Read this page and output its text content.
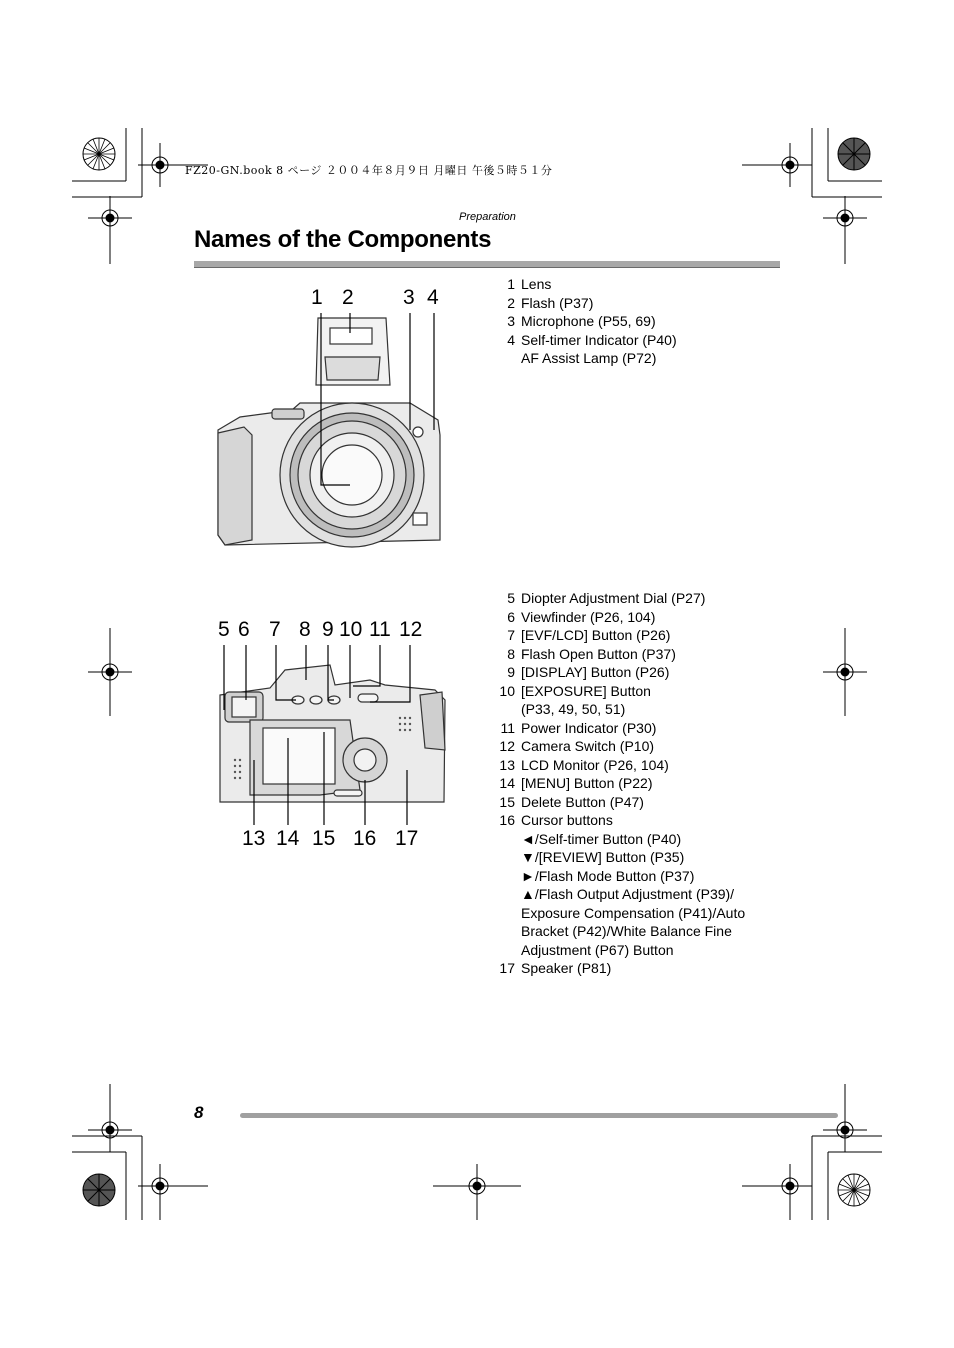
FZ20-GN.book 8 ページ ２００４年８月９日 月曜日 午後５時５１分
Preparation
Names of the Components
1 2 3 4
1 Lens
2 Flash (P37)
3 Microphone (P55, 69)
4 Self-timer Indicator (P40)
AF Assist Lamp (P72)
5 6 7 8 9 10 11 12
13 14 15 16 17
5 Diopter Adjustment Dial (P27)
6 Viewfinder (P26, 104)
7 [EVF/LCD] Button (P26)
8 Flash Open Button (P37)
9 [DISPLAY] Button (P26)
10 [EXPOSURE] Button
(P33, 49, 50, 51)
11 Power Indicator (P30)
12 Camera Switch (P10)
13 LCD Monitor (P26, 104)
14 [MENU] Button (P22)
15 Delete Button (P47)
16 Cursor buttons
◄/Self-timer Button (P40)
▼/[REVIEW] Button (P35)
►/Flash Mode Button (P37)
▲/Flash Output Adjustment (P39)/
Exposure Compensation (P41)/Auto
Bracket (P42)/White Balance Fine
Adjustment (P67) Button
17 Speaker (P81)
8
